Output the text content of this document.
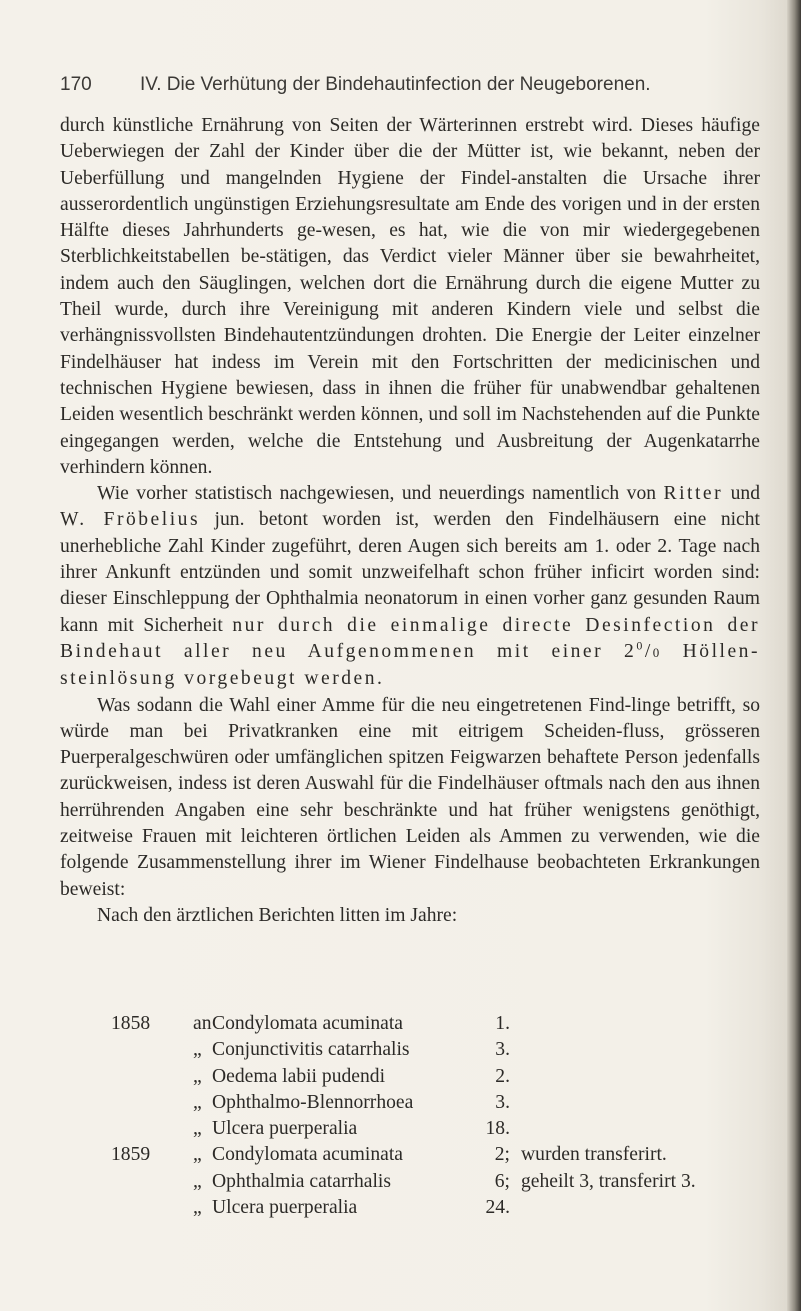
170	IV. Die Verhütung der Bindehautinfection der Neugeborenen.

durch künstliche Ernährung von Seiten der Wärterinnen erstrebt wird. Dieses häufige Ueberwiegen der Zahl der Kinder über die der Mütter ist, wie bekannt, neben der Ueberfüllung und mangelnden Hygiene der Findel-anstalten die Ursache ihrer ausserordentlich ungünstigen Erziehungsresultate am Ende des vorigen und in der ersten Hälfte dieses Jahrhunderts ge-wesen, es hat, wie die von mir wiedergegebenen Sterblichkeitstabellen be-stätigen, das Verdict vieler Männer über sie bewahrheitet, indem auch den Säuglingen, welchen dort die Ernährung durch die eigene Mutter zu Theil wurde, durch ihre Vereinigung mit anderen Kindern viele und selbst die verhängnissvollsten Bindehautentzündungen drohten. Die Energie der Leiter einzelner Findelhäuser hat indess im Verein mit den Fortschritten der medicinischen und technischen Hygiene bewiesen, dass in ihnen die früher für unabwendbar gehaltenen Leiden wesentlich beschränkt werden können, und soll im Nachstehenden auf die Punkte eingegangen werden, welche die Entstehung und Ausbreitung der Augenkatarrhe verhindern können.

Wie vorher statistisch nachgewiesen, und neuerdings namentlich von Ritter und W. Fröbelius jun. betont worden ist, werden den Findelhäusern eine nicht unerhebliche Zahl Kinder zugeführt, deren Augen sich bereits am 1. oder 2. Tage nach ihrer Ankunft entzünden und somit unzweifelhaft schon früher inficirt worden sind: dieser Einschleppung der Ophthalmia neonatorum in einen vorher ganz gesunden Raum kann mit Sicherheit nur durch die einmalige directe Desinfection der Bindehaut aller neu Aufgenommenen mit einer $2^0/0$ Höllen-steinlösung vorgebeugt werden.

Was sodann die Wahl einer Amme für die neu eingetretenen Find-linge betrifft, so würde man bei Privatkranken eine mit eitrigem Scheiden-fluss, grösseren Puerperalgeschwüren oder umfänglichen spitzen Feigwarzen behaftete Person jedenfalls zurückweisen, indess ist deren Auswahl für die Findelhäuser oftmals nach den aus ihnen herrührenden Angaben eine sehr beschränkte und hat früher wenigstens genöthigt, zeitweise Frauen mit leichteren örtlichen Leiden als Ammen zu verwenden, wie die folgende Zusammenstellung ihrer im Wiener Findelhause beobachteten Erkrankungen beweist:

Nach den ärztlichen Berichten litten im Jahre:

1858 an Condylomata acuminata	1.
„ Conjunctivitis catarrhalis	3.
„ Oedema labii pudendi	2.
„ Ophthalmo-Blennorrhoea	3.
„ Ulcera puerperalia	18.
1859 „ Condylomata acuminata	2; wurden transferirt.
„ Ophthalmia catarrhalis	6; geheilt 3, transferirt 3.
„ Ulcera puerperalia	24.
